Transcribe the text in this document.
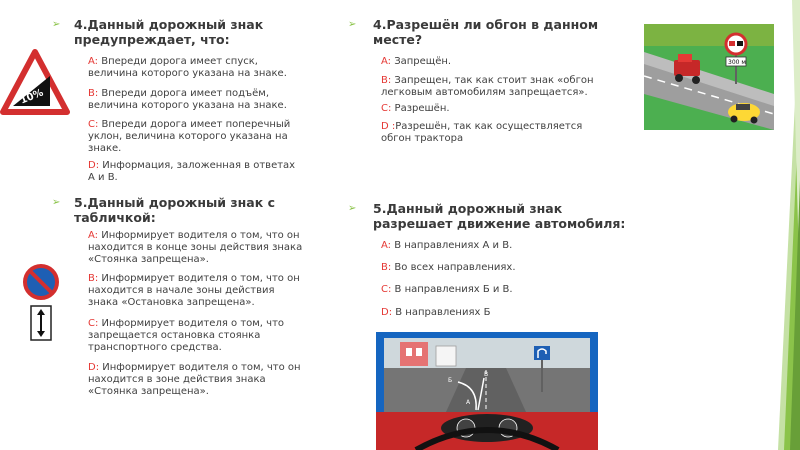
➢ 4.Данный дорожный знак
предупреждает, что:
10%
A: Впереди дорога имеет спуск,
величина которого указана на знаке.
B: Впереди дорога имеет подъём,
величина которого указана на знаке.
C: Впереди дорога имеет поперечный
уклон, величина которого указана на
знаке.
D: Информация, заложенная в ответах
А и В.
➢ 5.Данный дорожный знак с
табличкой:
A: Информирует водителя о том, что он
находится в конце зоны действия знака
«Стоянка запрещена».
B: Информирует водителя о том, что он
находится в начале зоны действия
знака «Остановка запрещена».
C: Информирует водителя о том, что
запрещается остановка стоянка
транспортного средства.
D: Информирует водителя о том, что он
находится в зоне действия знака
«Стоянка запрещена».
➢ 4.Разрешён ли обгон в данном
месте?
A: Запрещён.
B: Запрещен, так как стоит знак «обгон
легковым автомобилям запрещается».
C: Разрешён.
D :Разрешён, так как осуществляется
обгон трактора
300 м
➢ 5.Данный дорожный знак
разрешает движение автомобиля:
A: В направлениях А и В.
B: Во всех направлениях.
C: В направлениях Б и В.
D: В направлениях Б
Б
В
А
